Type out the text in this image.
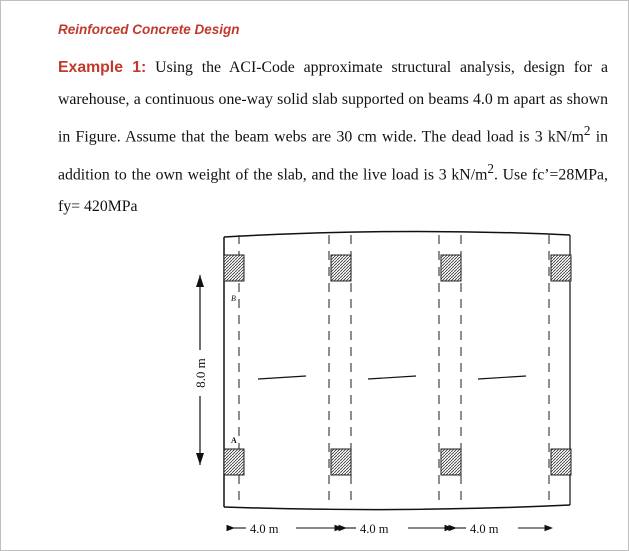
Reinforced Concrete Design
Example 1: Using the ACI-Code approximate structural analysis, design for a warehouse, a continuous one-way solid slab supported on beams 4.0 m apart as shown in Figure. Assume that the beam webs are 30 cm wide. The dead load is 3 $kN/m^2$ in addition to the own weight of the slab, and the live load is 3 $kN/m^2$. Use fc’=28MPa, fy= 420MPa
8.0 m
B
A
4.0 m	4.0 m	4.0 m
